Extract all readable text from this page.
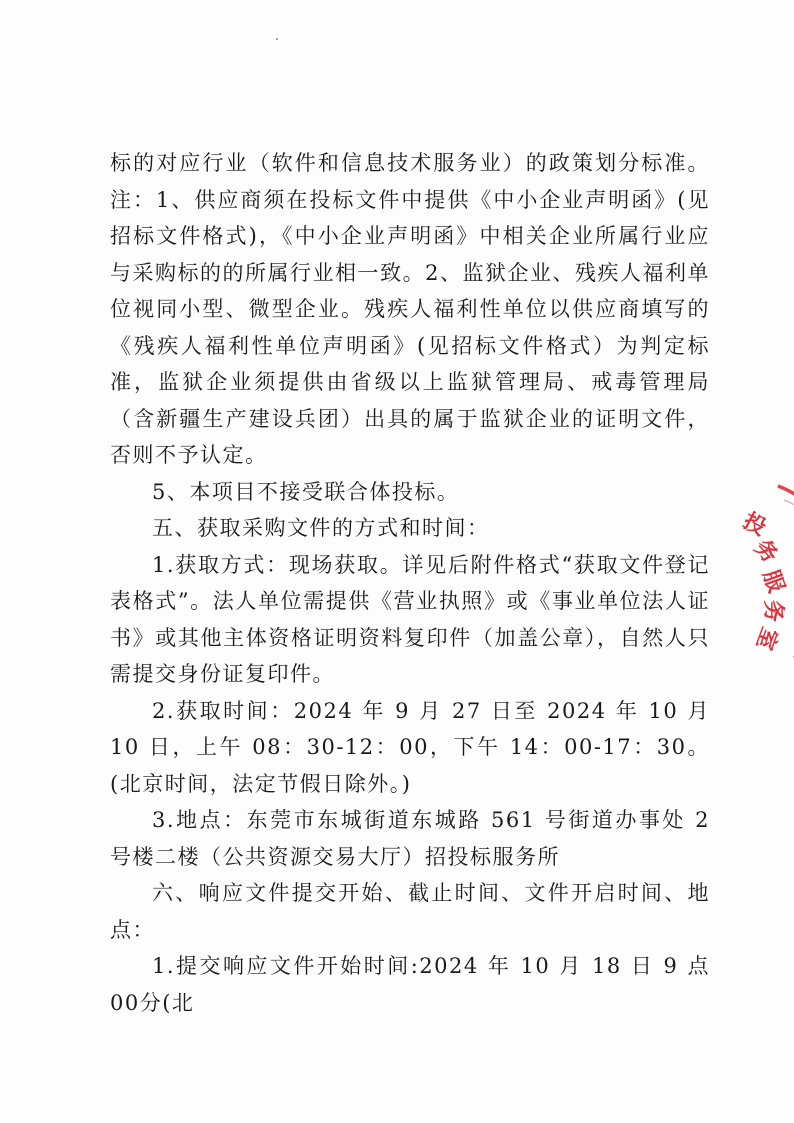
标的对应行业（软件和信息技术服务业）的政策划分标准。 注：1、供应商须在投标文件中提供《中小企业声明函》(见招标文件格式)，《中小企业声明函》中相关企业所属行业应与采购标的的所属行业相一致。2、监狱企业、残疾人福利单位视同小型、微型企业。残疾人福利性单位以供应商填写的《残疾人福利性单位声明函》(见招标文件格式）为判定标准，监狱企业须提供由省级以上监狱管理局、戒毒管理局（含新疆生产建设兵团）出具的属于监狱企业的证明文件，否则不予认定。

5、本项目不接受联合体投标。

五、获取采购文件的方式和时间：

1.获取方式：现场获取。详见后附件格式“获取文件登记表格式”。法人单位需提供《营业执照》或《事业单位法人证书》或其他主体资格证明资料复印件（加盖公章），自然人只需提交身份证复印件。

2.获取时间：2024 年 9 月 27 日至 2024 年 10 月 10 日，上午 08：30-12：00，下午 14：00-17：30。(北京时间，法定节假日除外。)

3.地点：东莞市东城街道东城路 561 号街道办事处 2 号楼二楼（公共资源交易大厅）招投标服务所

六、响应文件提交开始、截止时间、文件开启时间、地点：

1.提交响应文件开始时间:2024 年 10 月 18 日 9 点 00分(北

投
务
服
务
室
